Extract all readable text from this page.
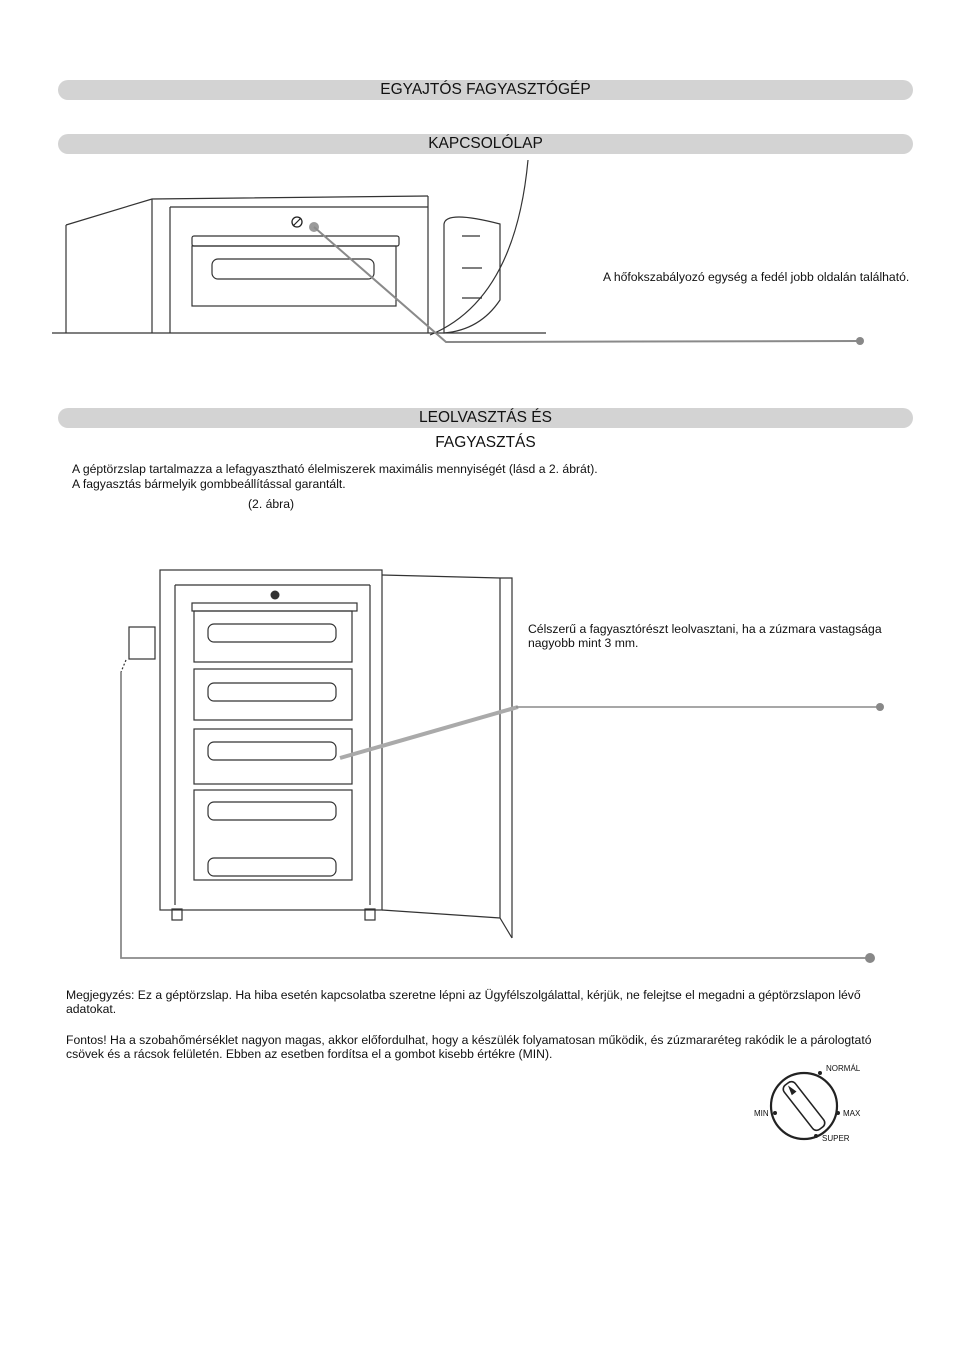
EGYAJTÓS FAGYASZTÓGÉP
KAPCSOLÓLAP
LEOLVASZTÁS ÉS
FAGYASZTÁS
A hőfokszabályozó egység a fedél jobb oldalán található.
A géptörzslap tartalmazza a lefagyasztható élelmiszerek maximális mennyiségét (lásd a 2. ábrát).
A fagyasztás bármelyik gombbeállítással garantált.
(2. ábra)
Célszerű a fagyasztórészt leolvasztani, ha a zúzmara vastagsága nagyobb mint 3 mm.
Megjegyzés: Ez a géptörzslap. Ha hiba esetén kapcsolatba szeretne lépni az Ügyfélszolgálattal, kérjük, ne felejtse el megadni a géptörzslapon lévő adatokat.
Fontos! Ha a szobahőmérséklet nagyon magas, akkor előfordulhat, hogy a készülék folyamatosan működik, és zúzmararéteg rakódik le a párologtató csövek és a rácsok felületén. Ebben az esetben fordítsa el a gombot kisebb értékre (MIN).
NORMÁL
MIN	MAX
SUPER
